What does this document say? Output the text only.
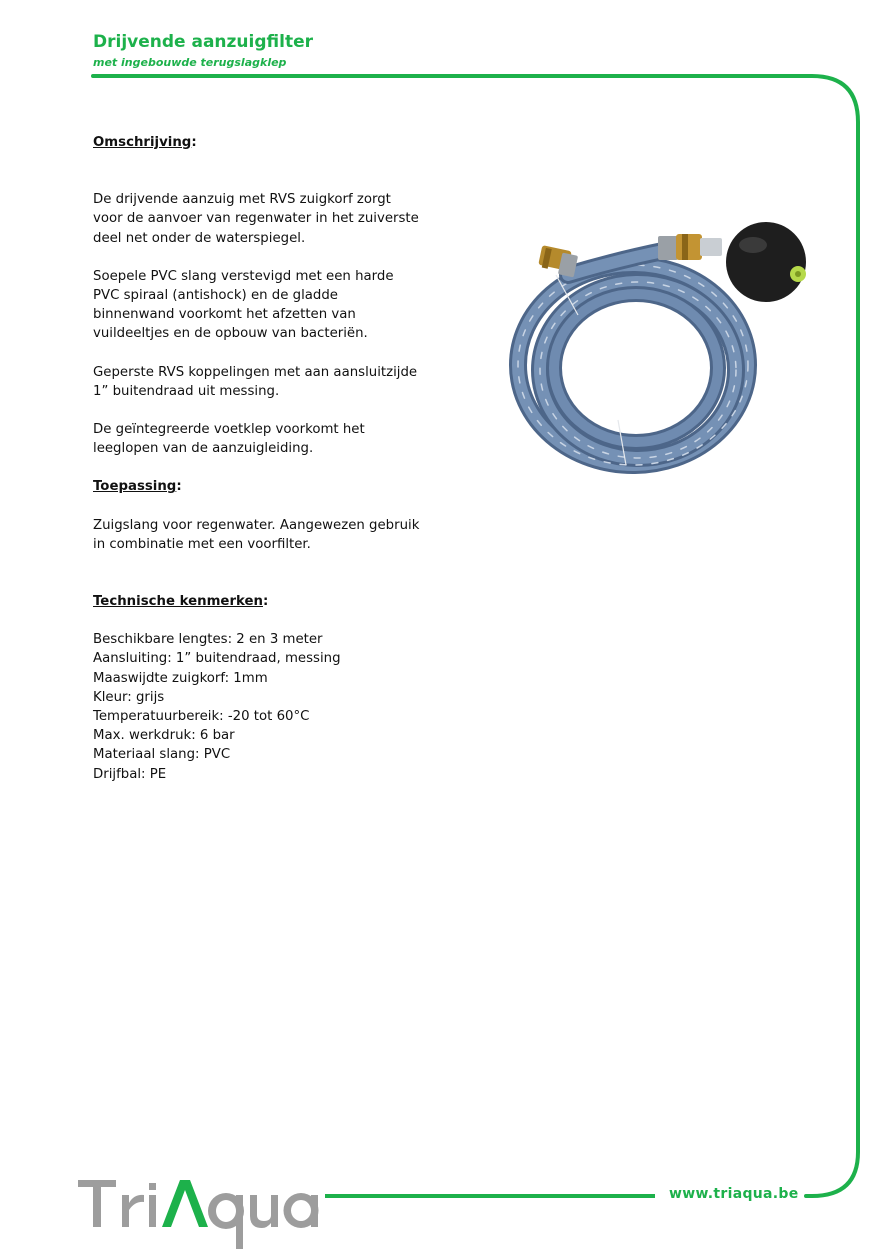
Drijvende aanzuigfilter
met ingebouwde terugslagklep

Omschrijving:

De drijvende aanzuig met RVS zuigkorf zorgt voor de aanvoer van regenwater in het zuiverste deel net onder de waterspiegel.

Soepele PVC slang verstevigd met een harde PVC spiraal (antishock) en de gladde binnenwand voorkomt het afzetten van vuildeeltjes en de opbouw van bacteriën.

Geperste RVS koppelingen met aan aansluitzijde 1” buitendraad uit messing.

De geïntegreerde voetklep voorkomt het leeglopen van de aanzuigleiding.

Toepassing:

Zuigslang voor regenwater. Aangewezen gebruik in combinatie met een voorfilter.

Technische kenmerken:

Beschikbare lengtes: 2 en 3 meter

Aansluiting: 1” buitendraad, messing

Maaswijdte zuigkorf: 1mm

Kleur: grijs

Temperatuurbereik: -20 tot 60°C

Max. werkdruk: 6 bar

Materiaal slang: PVC

Drijfbal: PE

www.triaqua.be
